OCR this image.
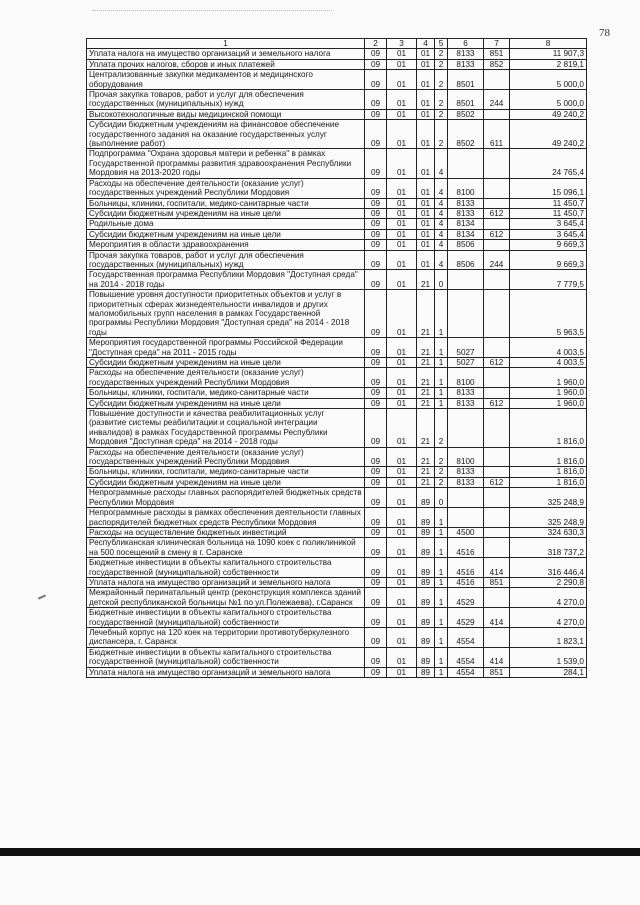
78
1	2	3	4	5	6	7	8
Уплата налога на имущество организаций и земельного налога	09	01	01	2	8133	851	11 907,3
Уплата прочих налогов, сборов и иных платежей	09	01	01	2	8133	852	2 819,1
Централизованные закупки медикаментов и медицинского оборудования	09	01	01	2	8501		5 000,0
Прочая закупка товаров, работ и услуг для обеспечения государственных (муниципальных) нужд	09	01	01	2	8501	244	5 000,0
Высокотехнологичные виды медицинской помощи	09	01	01	2	8502		49 240,2
Субсидии бюджетным учреждениям на финансовое обеспечение государственного задания на оказание государственных услуг (выполнение работ)	09	01	01	2	8502	611	49 240,2
Подпрограмма "Охрана здоровья матери и ребенка" в рамках Государственной программы развития здравоохранения Республики Мордовия на 2013-2020 годы	09	01	01	4			24 765,4
Расходы на обеспечение деятельности (оказание услуг) государственных учреждений Республики Мордовия	09	01	01	4	8100		15 096,1
Больницы, клиники, госпитали, медико-санитарные части	09	01	01	4	8133		11 450,7
Субсидии бюджетным учреждениям на иные цели	09	01	01	4	8133	612	11 450,7
Родильные дома	09	01	01	4	8134		3 645,4
Субсидии бюджетным учреждениям на иные цели	09	01	01	4	8134	612	3 645,4
Мероприятия в области здравоохранения	09	01	01	4	8506		9 669,3
Прочая закупка товаров, работ и услуг для обеспечения государственных (муниципальных) нужд	09	01	01	4	8506	244	9 669,3
Государственная программа Республики Мордовия "Доступная среда" на 2014 - 2018 годы	09	01	21	0			7 779,5
Повышение уровня доступности приоритетных объектов и услуг в приоритетных сферах жизнедеятельности инвалидов и других маломобильных групп населения в рамках Государственной программы Республики Мордовия "Доступная среда" на 2014 - 2018 годы	09	01	21	1			5 963,5
Мероприятия государственной программы Российской Федерации "Доступная среда" на 2011 - 2015 годы	09	01	21	1	5027		4 003,5
Субсидии бюджетным учреждениям на иные цели	09	01	21	1	5027	612	4 003,5
Расходы на обеспечение деятельности (оказание услуг) государственных учреждений Республики Мордовия	09	01	21	1	8100		1 960,0
Больницы, клиники, госпитали, медико-санитарные части	09	01	21	1	8133		1 960,0
Субсидии бюджетным учреждениям на иные цели	09	01	21	1	8133	612	1 960,0
Повышение доступности и качества реабилитационных услуг (развитие системы реабилитации и социальной интеграции инвалидов) в рамках Государственной программы Республики Мордовия "Доступная среда" на 2014 - 2018 годы	09	01	21	2			1 816,0
Расходы на обеспечение деятельности (оказание услуг) государственных учреждений Республики Мордовия	09	01	21	2	8100		1 816,0
Больницы, клиники, госпитали, медико-санитарные части	09	01	21	2	8133		1 816,0
Субсидии бюджетным учреждениям на иные цели	09	01	21	2	8133	612	1 816,0
Непрограммные расходы главных распорядителей бюджетных средств Республики Мордовия	09	01	89	0			325 248,9
Непрограммные расходы в рамках обеспечения деятельности главных распорядителей бюджетных средств Республики Мордовия	09	01	89	1			325 248,9
Расходы на осуществление бюджетных инвестиций	09	01	89	1	4500		324 630,3
Республиканская клиническая больница на 1090 коек с поликлиникой на 500 посещений в смену в г. Саранске	09	01	89	1	4516		318 737,2
Бюджетные инвестиции в объекты капитального строительства государственной (муниципальной) собственности	09	01	89	1	4516	414	316 446,4
Уплата налога на имущество организаций и земельного налога	09	01	89	1	4516	851	2 290,8
Межрайонный перинатальный центр (реконструкция комплекса зданий детской республиканской больницы №1 по ул.Полежаева), г.Саранск	09	01	89	1	4529		4 270,0
Бюджетные инвестиции в объекты капитального строительства государственной (муниципальной) собственности	09	01	89	1	4529	414	4 270,0
Лечебный корпус на 120 коек на территории противотуберкулезного диспансера, г. Саранск	09	01	89	1	4554		1 823,1
Бюджетные инвестиции в объекты капитального строительства государственной (муниципальной) собственности	09	01	89	1	4554	414	1 539,0
Уплата налога на имущество организаций и земельного налога	09	01	89	1	4554	851	284,1
